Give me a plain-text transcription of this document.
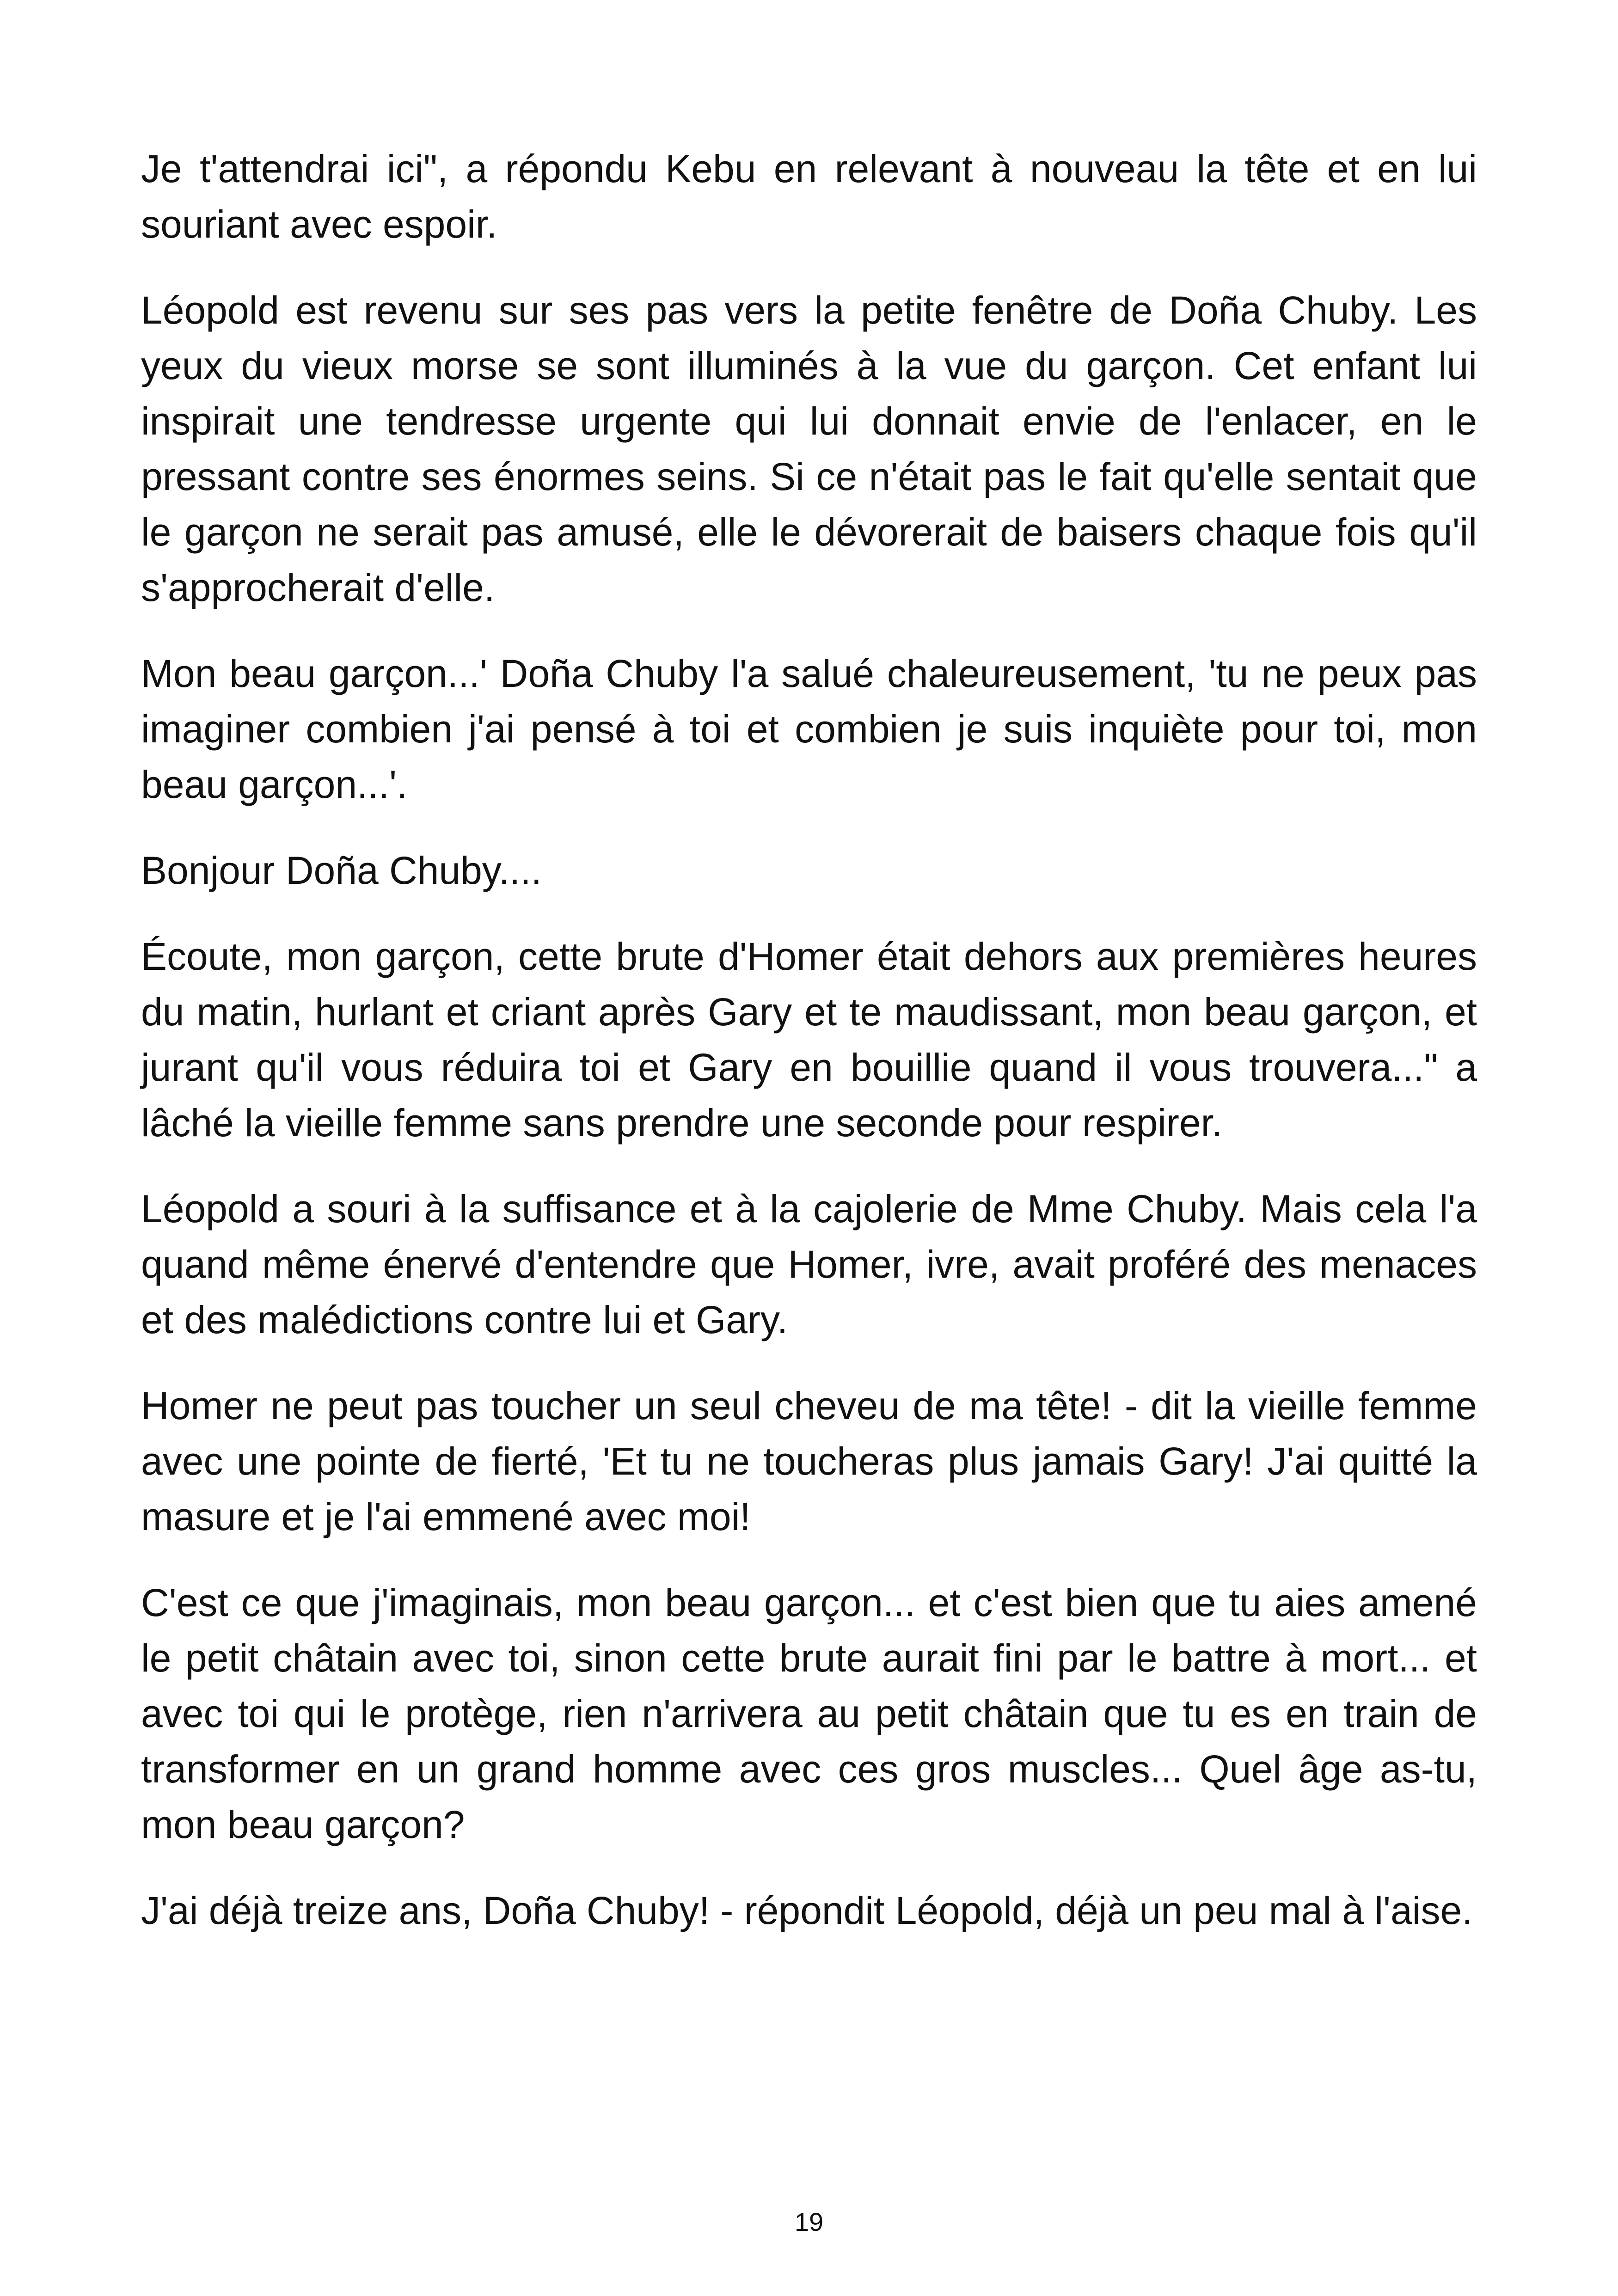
Je t'attendrai ici", a répondu Kebu en relevant à nouveau la tête et en lui souriant avec espoir.

Léopold est revenu sur ses pas vers la petite fenêtre de Doña Chuby. Les yeux du vieux morse se sont illuminés à la vue du garçon. Cet enfant lui inspirait une tendresse urgente qui lui donnait envie de l'enlacer, en le pressant contre ses énormes seins. Si ce n'était pas le fait qu'elle sentait que le garçon ne serait pas amusé, elle le dévorerait de baisers chaque fois qu'il s'approcherait d'elle.

Mon beau garçon...' Doña Chuby l'a salué chaleureusement, 'tu ne peux pas imaginer combien j'ai pensé à toi et combien je suis inquiète pour toi, mon beau garçon...'.

Bonjour Doña Chuby....

Écoute, mon garçon, cette brute d'Homer était dehors aux premières heures du matin, hurlant et criant après Gary et te maudissant, mon beau garçon, et jurant qu'il vous réduira toi et Gary en bouillie quand il vous trouvera..." a lâché la vieille femme sans prendre une seconde pour respirer.

Léopold a souri à la suffisance et à la cajolerie de Mme Chuby. Mais cela l'a quand même énervé d'entendre que Homer, ivre, avait proféré des menaces et des malédictions contre lui et Gary.

Homer ne peut pas toucher un seul cheveu de ma tête! - dit la vieille femme avec une pointe de fierté, 'Et tu ne toucheras plus jamais Gary! J'ai quitté la masure et je l'ai emmené avec moi!

C'est ce que j'imaginais, mon beau garçon... et c'est bien que tu aies amené le petit châtain avec toi, sinon cette brute aurait fini par le battre à mort... et avec toi qui le protège, rien n'arrivera au petit châtain que tu es en train de transformer en un grand homme avec ces gros muscles... Quel âge as-tu, mon beau garçon?

J'ai déjà treize ans, Doña Chuby! - répondit Léopold, déjà un peu mal à l'aise.

19
